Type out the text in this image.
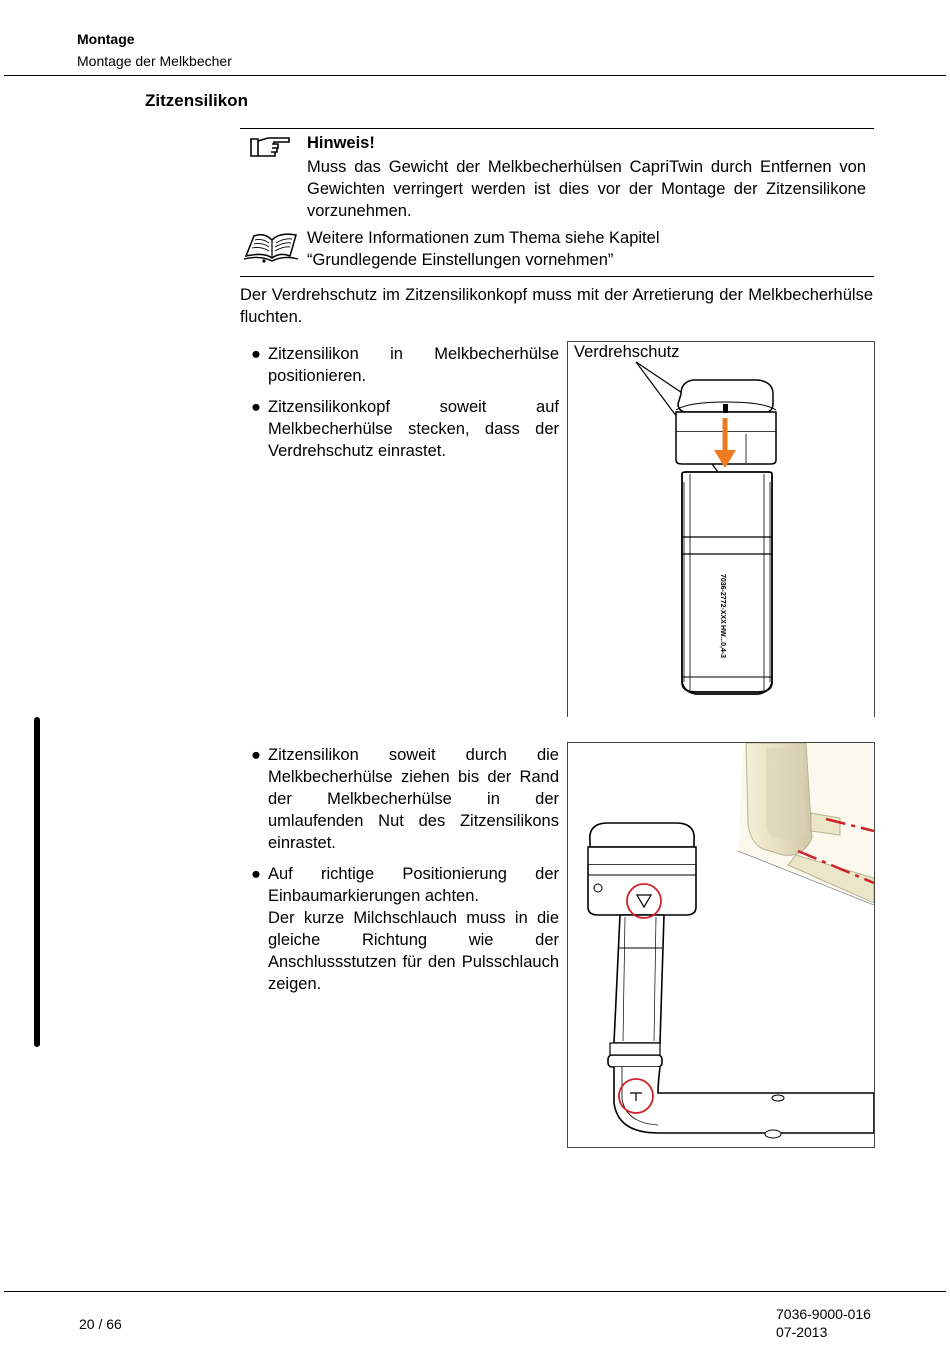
Montage
Montage der Melkbecher
Zitzensilikon
Hinweis!
Muss das Gewicht der Melkbecherhülsen CapriTwin durch Entfernen von Gewichten verringert werden ist dies vor der Montage der Zitzensilikone vorzunehmen.
Weitere Informationen zum Thema siehe Kapitel
“Grundlegende Einstellungen vornehmen”
Der Verdrehschutz im Zitzensilikonkopf muss mit der Arretierung der Melkbecherhülse fluchten.
● Zitzensilikon in Melkbecherhülse positionieren.
● Zitzensilikonkopf soweit auf Melkbecherhülse stecken, dass der Verdrehschutz einrastet.
Verdrehschutz
7036-2772-XXX
HW...0,4-3
● Zitzensilikon soweit durch die Melkbecherhülse ziehen bis der Rand der Melkbecherhülse in der umlaufenden Nut des Zitzensilikons einrastet.
● Auf richtige Positionierung der Einbaumarkierungen achten.
Der kurze Milchschlauch muss in die gleiche Richtung wie der Anschlussstutzen für den Pulsschlauch zeigen.
20 / 66
7036-9000-016
07-2013
